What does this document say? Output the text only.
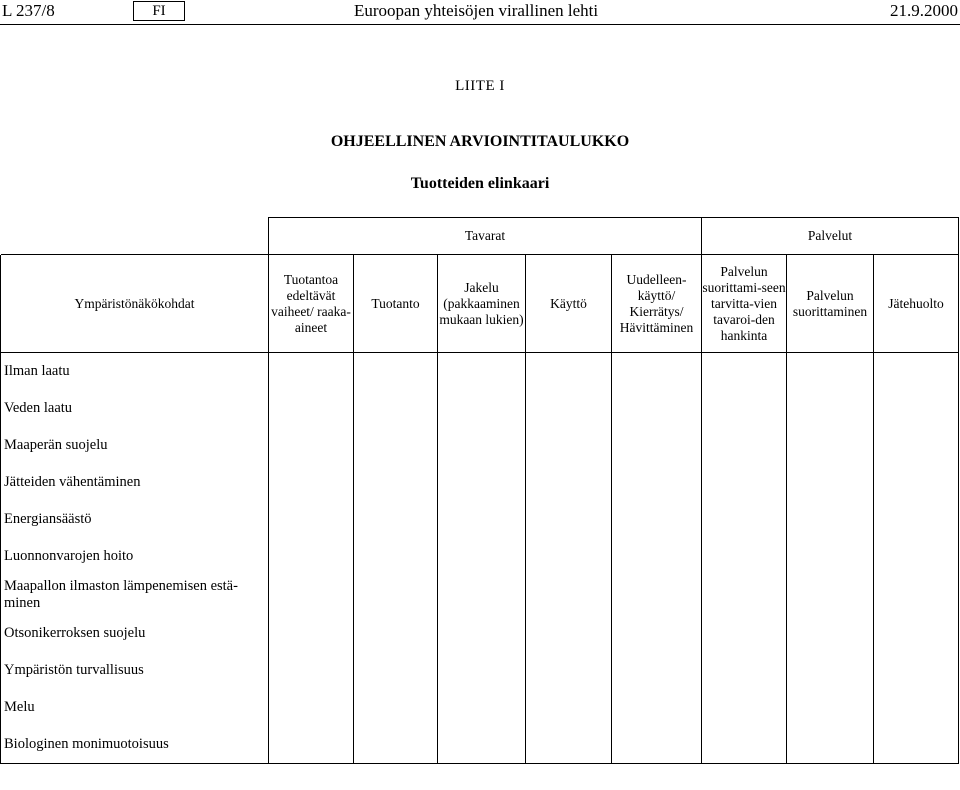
L 237/8	FI	Euroopan yhteisöjen virallinen lehti	21.9.2000
LIITE I
OHJEELLINEN ARVIOINTITAULUKKO
Tuotteiden elinkaari
	Tavarat					Palvelut		
Ympäristönäkökohdat	Tuotantoa edeltävät vaiheet/ raaka-aineet	Tuotanto	Jakelu (pakkaaminen mukaan lukien)	Käyttö	Uudelleen-käyttö/ Kierrätys/ Hävittäminen	Palvelun suorittami-seen tarvitta-vien tavaroi-den hankinta	Palvelun suorittaminen	Jätehuolto
Ilman laatu								
Veden laatu								
Maaperän suojelu								
Jätteiden vähentäminen								
Energiansäästö								
Luonnonvarojen hoito								
Maapallon ilmaston lämpenemisen estä-minen								
Otsonikerroksen suojelu								
Ympäristön turvallisuus								
Melu								
Biologinen monimuotoisuus								
